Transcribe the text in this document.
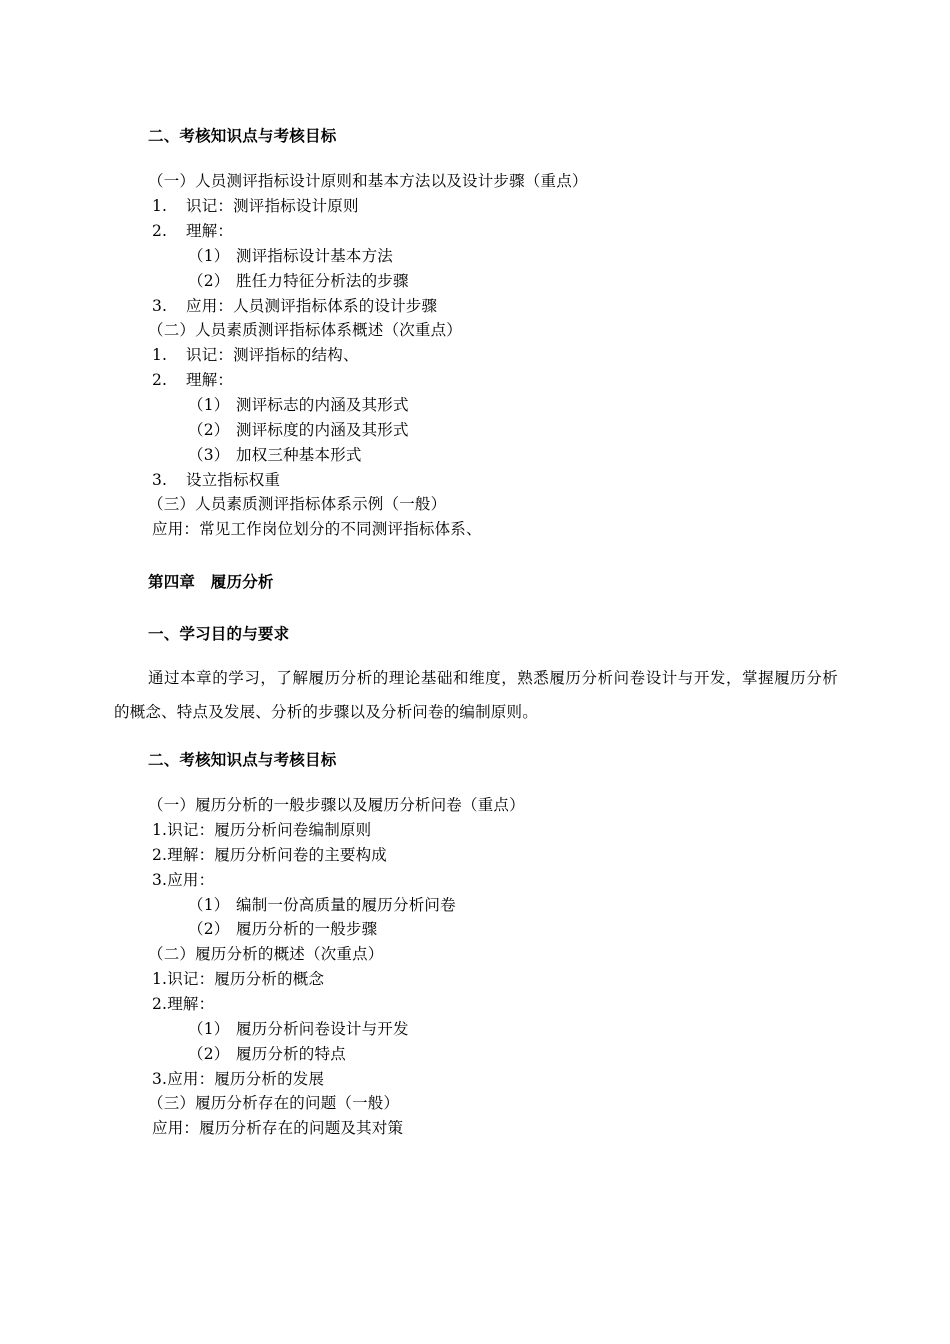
二、考核知识点与考核目标
（一）人员测评指标设计原则和基本方法以及设计步骤（重点）
1. 识记：测评指标设计原则
2. 理解：
（1） 测评指标设计基本方法
（2） 胜任力特征分析法的步骤
3. 应用：人员测评指标体系的设计步骤
（二）人员素质测评指标体系概述（次重点）
1. 识记：测评指标的结构、
2. 理解：
（1） 测评标志的内涵及其形式
（2） 测评标度的内涵及其形式
（3） 加权三种基本形式
3. 设立指标权重
（三）人员素质测评指标体系示例（一般）
应用：常见工作岗位划分的不同测评指标体系、
第四章　履历分析
一、学习目的与要求
通过本章的学习，了解履历分析的理论基础和维度，熟悉履历分析问卷设计与开发，掌握履历分析的概念、特点及发展、分析的步骤以及分析问卷的编制原则。
二、考核知识点与考核目标
（一）履历分析的一般步骤以及履历分析问卷（重点）
1.识记：履历分析问卷编制原则
2.理解：履历分析问卷的主要构成
3.应用：
（1） 编制一份高质量的履历分析问卷
（2） 履历分析的一般步骤
（二）履历分析的概述（次重点）
1.识记：履历分析的概念
2.理解：
（1） 履历分析问卷设计与开发
（2） 履历分析的特点
3.应用：履历分析的发展
（三）履历分析存在的问题（一般）
应用：履历分析存在的问题及其对策
